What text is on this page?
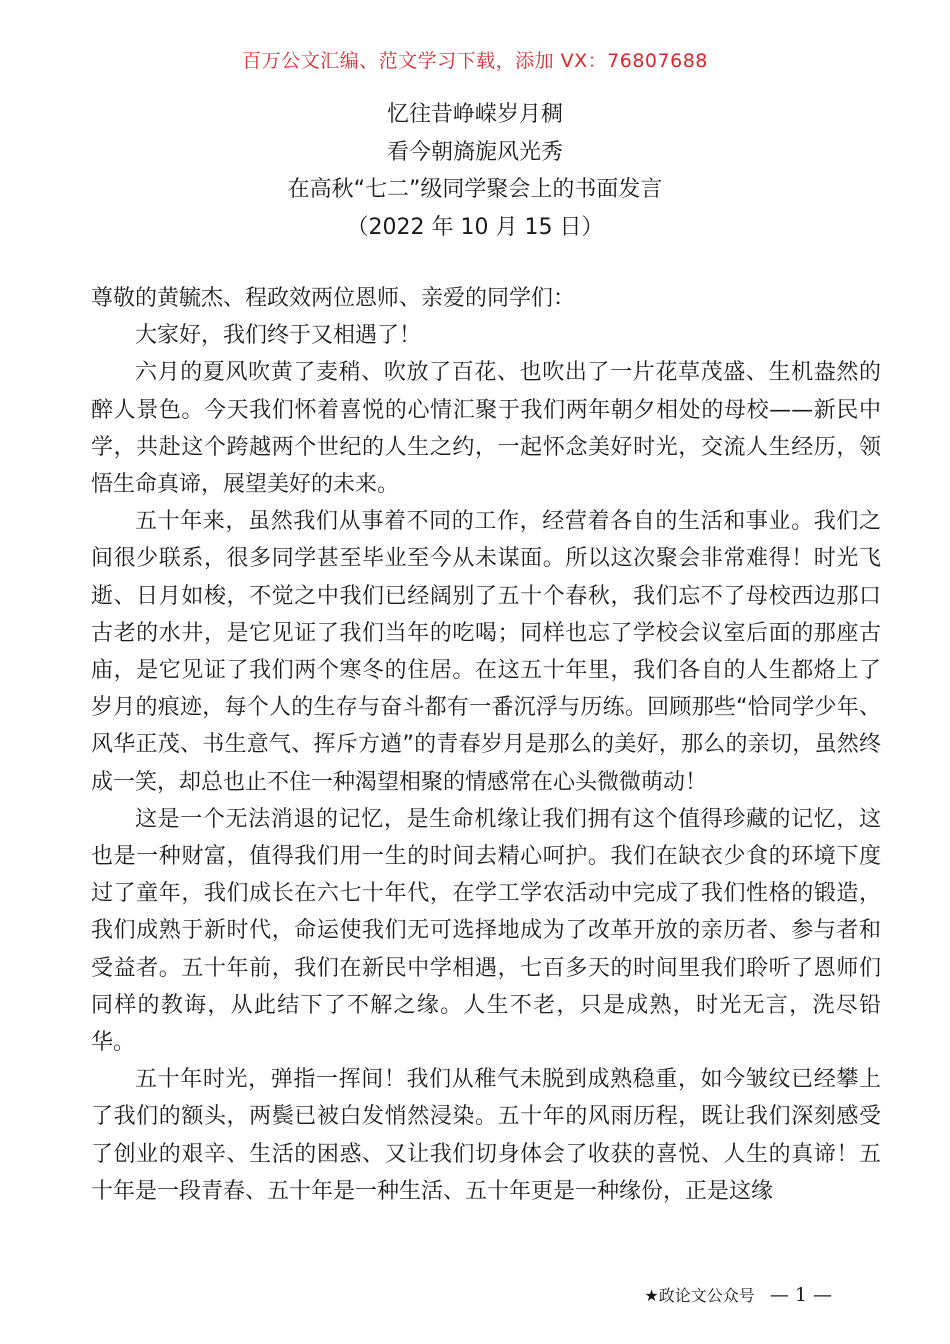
百万公文汇编、范文学习下载，添加 VX：76807688
忆往昔峥嵘岁月稠
看今朝旖旎风光秀
在高秋“七二”级同学聚会上的书面发言
（2022 年 10 月 15 日）

尊敬的黄毓杰、程政效两位恩师、亲爱的同学们：

大家好，我们终于又相遇了！

六月的夏风吹黄了麦稍、吹放了百花、也吹出了一片花草茂盛、生机盎然的醉人景色。今天我们怀着喜悦的心情汇聚于我们两年朝夕相处的母校——新民中学，共赴这个跨越两个世纪的人生之约，一起怀念美好时光，交流人生经历，领悟生命真谛，展望美好的未来。

五十年来，虽然我们从事着不同的工作，经营着各自的生活和事业。我们之间很少联系，很多同学甚至毕业至今从未谋面。所以这次聚会非常难得！时光飞逝、日月如梭，不觉之中我们已经阔别了五十个春秋，我们忘不了母校西边那口古老的水井，是它见证了我们当年的吃喝；同样也忘了学校会议室后面的那座古庙，是它见证了我们两个寒冬的住居。在这五十年里，我们各自的人生都烙上了岁月的痕迹，每个人的生存与奋斗都有一番沉浮与历练。回顾那些“恰同学少年、风华正茂、书生意气、挥斥方遒”的青春岁月是那么的美好，那么的亲切，虽然终成一笑，却总也止不住一种渴望相聚的情感常在心头微微萌动！

这是一个无法消退的记忆，是生命机缘让我们拥有这个值得珍藏的记忆，这也是一种财富，值得我们用一生的时间去精心呵护。我们在缺衣少食的环境下度过了童年，我们成长在六七十年代，在学工学农活动中完成了我们性格的锻造，我们成熟于新时代，命运使我们无可选择地成为了改革开放的亲历者、参与者和受益者。五十年前，我们在新民中学相遇，七百多天的时间里我们聆听了恩师们同样的教诲，从此结下了不解之缘。人生不老，只是成熟，时光无言，洗尽铅华。

五十年时光，弹指一挥间！我们从稚气未脱到成熟稳重，如今皱纹已经攀上了我们的额头，两鬓已被白发悄然浸染。五十年的风雨历程，既让我们深刻感受了创业的艰辛、生活的困惑、又让我们切身体会了收获的喜悦、人生的真谛！五十年是一段青春、五十年是一种生活、五十年更是一种缘份，正是这缘

★政论文公众号 — 1 —
